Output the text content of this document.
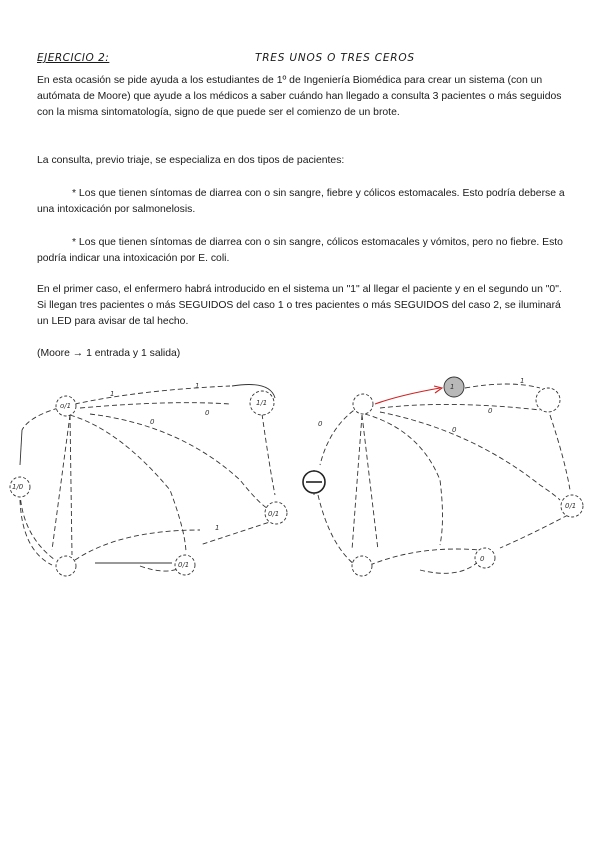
EJERCICIO 2:	TRES UNOS O TRES CEROS

En esta ocasión se pide ayuda a los estudiantes de 1º de Ingeniería Biomédica para crear un sistema (con un autómata de Moore) que ayude a los médicos a saber cuándo han llegado a consulta 3 pacientes o más seguidos con la misma sintomatología, signo de que puede ser el comienzo de un brote.

La consulta, previo triaje, se especializa en dos tipos de pacientes:

* Los que tienen síntomas de diarrea con o sin sangre, fiebre y cólicos estomacales. Esto podría deberse a una intoxicación por salmonelosis.

* Los que tienen síntomas de diarrea con o sin sangre, cólicos estomacales y vómitos, pero no fiebre. Esto podría indicar una intoxicación por E. coli.

En el primer caso, el enfermero habrá introducido en el sistema un "1" al llegar el paciente y en el segundo un "0". Si llegan tres pacientes o más SEGUIDOS del caso 1 o tres pacientes o más SEGUIDOS del caso 2, se iluminará un LED para avisar de tal hecho.

(Moore → 1 entrada y 1 salida)

o/1
1/0
0/1
0/1
1/1
1
1
0
0
1
1
0/1
0
1
0
0
0
